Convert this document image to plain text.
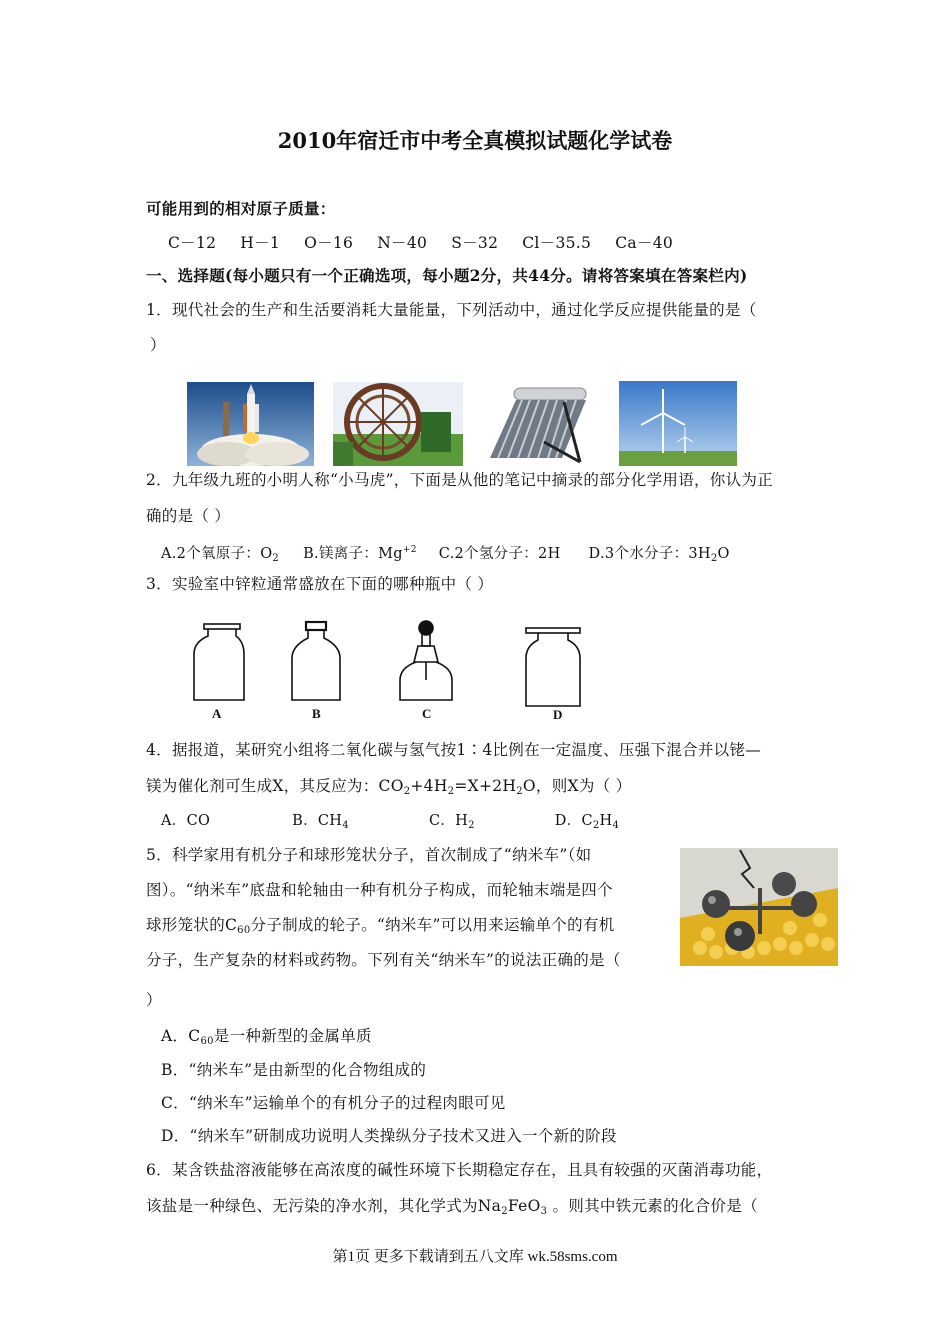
2010年宿迁市中考全真模拟试题化学试卷
可能用到的相对原子质量：
C－12 H－1 O－16 N－40 S－32 Cl－35.5 Ca－40
一、选择题(每小题只有一个正确选项，每小题2分，共44分。请将答案填在答案栏内)
1．现代社会的生产和生活要消耗大量能量，下列活动中，通过化学反应提供能量的是（
）
2．九年级九班的小明人称“小马虎”，下面是从他的笔记中摘录的部分化学用语，你认为正
确的是（ ）
A.2个氧原子：$O_2$ B.镁离子：$Mg^{+2}$ C.2个氢分子：2H D.3个水分子：$3H_2O$
3．实验室中锌粒通常盛放在下面的哪种瓶中（ ）
A	B	C	D
4．据报道，某研究小组将二氧化碳与氢气按1∶4比例在一定温度、压强下混合并以铑—
镁为催化剂可生成X，其反应为：$CO_2+4H_2=X+2H_2O$，则X为（ ）
A．CO	B．$CH_4$	C．$H_2$	D．$C_2H_4$
5．科学家用有机分子和球形笼状分子，首次制成了“纳米车”（如
图）。“纳米车”底盘和轮轴由一种有机分子构成，而轮轴末端是四个
球形笼状的$C_{60}$分子制成的轮子。“纳米车”可以用来运输单个的有机
分子，生产复杂的材料或药物。下列有关“纳米车”的说法正确的是（
）
A．$C_{60}$是一种新型的金属单质
B．“纳米车”是由新型的化合物组成的
C．“纳米车”运输单个的有机分子的过程肉眼可见
D．“纳米车”研制成功说明人类操纵分子技术又进入一个新的阶段
6．某含铁盐溶液能够在高浓度的碱性环境下长期稳定存在，且具有较强的灭菌消毒功能，
该盐是一种绿色、无污染的净水剂，其化学式为$Na_2FeO_3$ 。则其中铁元素的化合价是（
第1页 更多下载请到五八文库 wk.58sms.com
